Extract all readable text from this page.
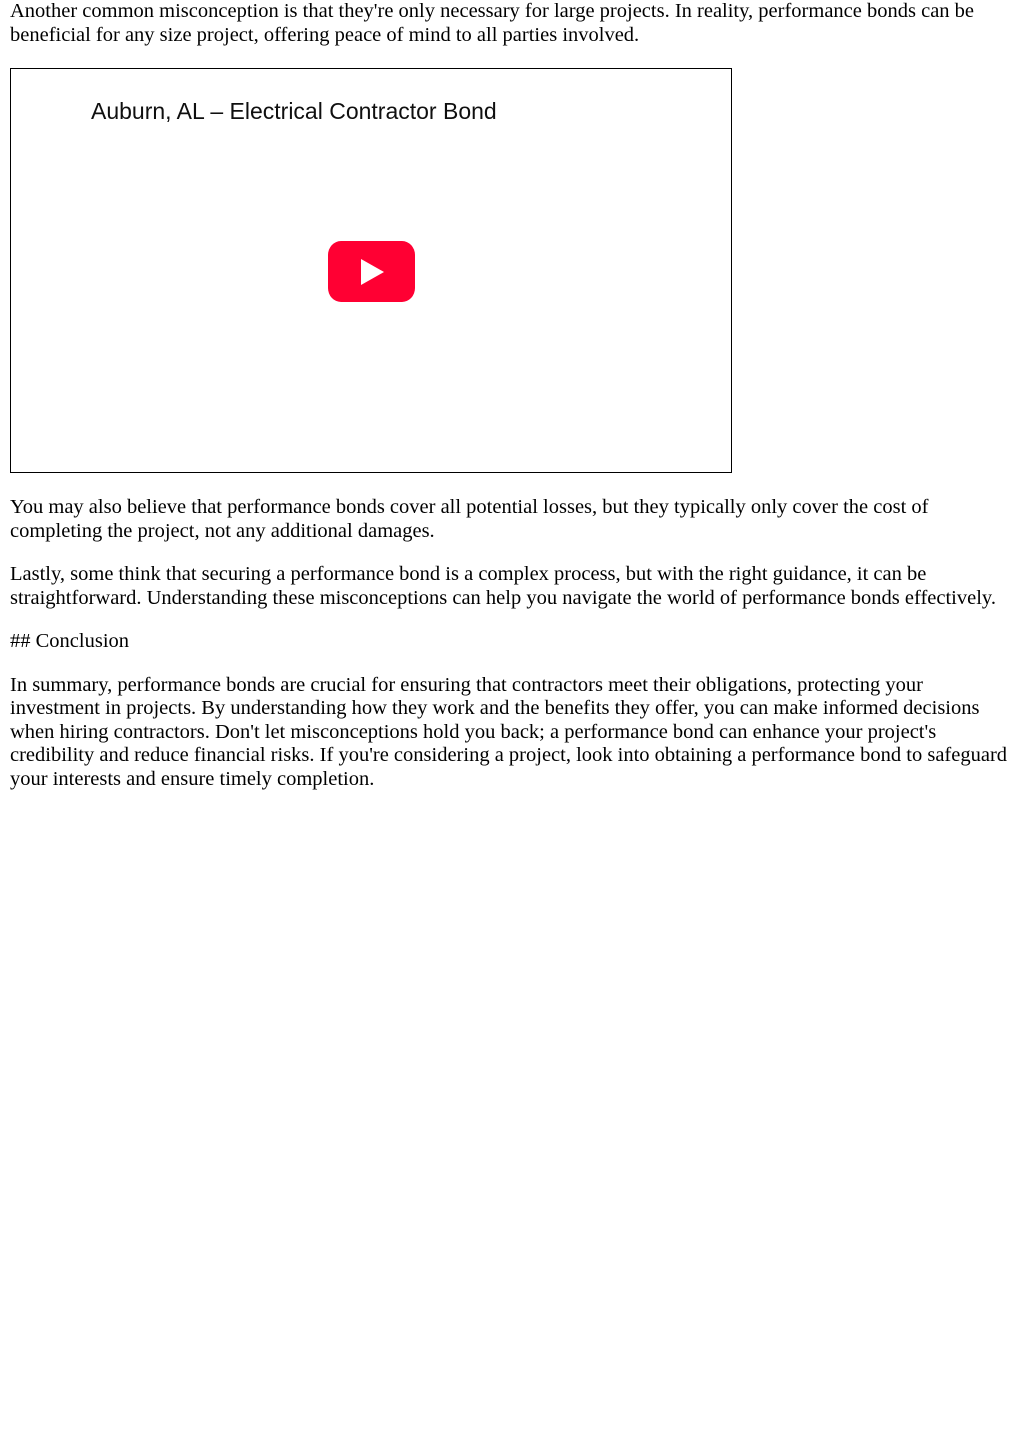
Another common misconception is that they're only necessary for large projects. In reality, performance bonds can be beneficial for any size project, offering peace of mind to all parties involved.

Auburn, AL – Electrical Contractor Bond

You may also believe that performance bonds cover all potential losses, but they typically only cover the cost of completing the project, not any additional damages.

Lastly, some think that securing a performance bond is a complex process, but with the right guidance, it can be straightforward. Understanding these misconceptions can help you navigate the world of performance bonds effectively.

## Conclusion

In summary, performance bonds are crucial for ensuring that contractors meet their obligations, protecting your investment in projects. By understanding how they work and the benefits they offer, you can make informed decisions when hiring contractors. Don't let misconceptions hold you back; a performance bond can enhance your project's credibility and reduce financial risks. If you're considering a project, look into obtaining a performance bond to safeguard your interests and ensure timely completion.
